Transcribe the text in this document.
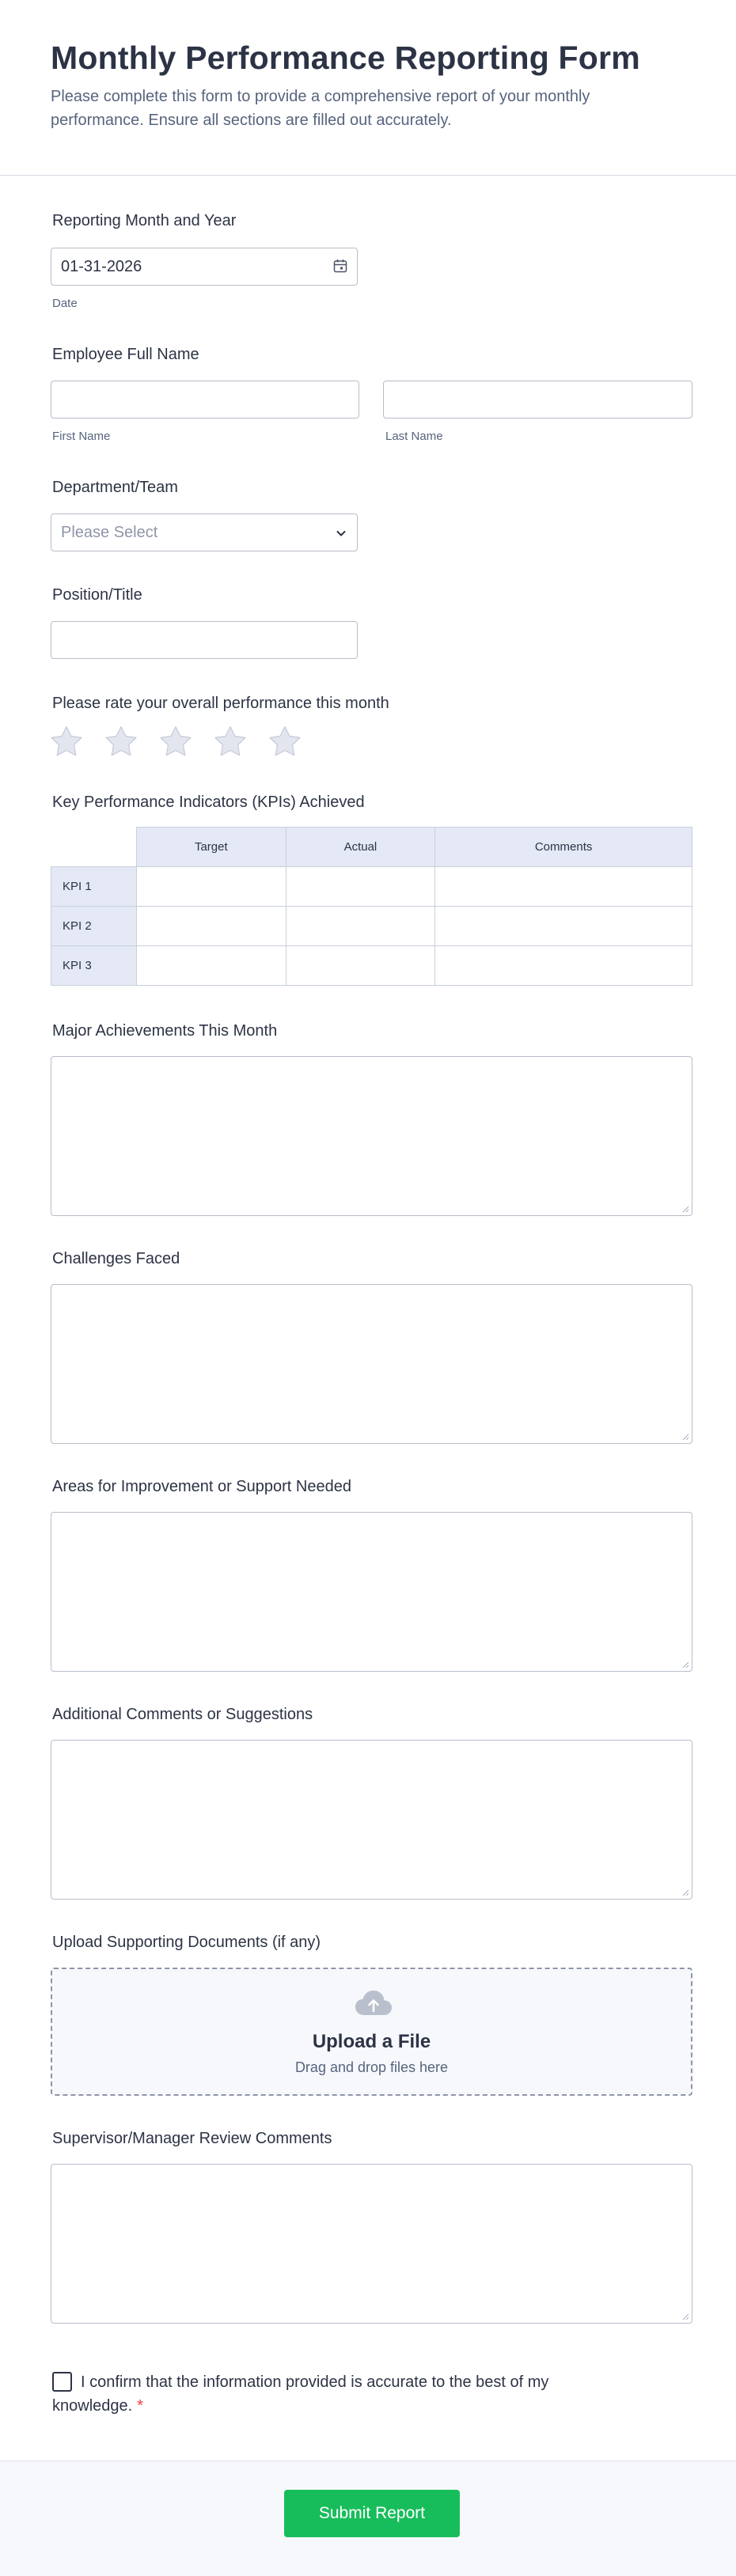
Monthly Performance Reporting Form
Please complete this form to provide a comprehensive report of your monthly performance. Ensure all sections are filled out accurately.
Reporting Month and Year
01-31-2026
Date
Employee Full Name
First Name	Last Name
Department/Team
Please Select
Position/Title
Please rate your overall performance this month
Key Performance Indicators (KPIs) Achieved
	Target	Actual	Comments
KPI 1			
KPI 2			
KPI 3			
Major Achievements This Month
Challenges Faced
Areas for Improvement or Support Needed
Additional Comments or Suggestions
Upload Supporting Documents (if any)
Upload a File
Drag and drop files here
Supervisor/Manager Review Comments
I confirm that the information provided is accurate to the best of my knowledge. *
Submit Report
